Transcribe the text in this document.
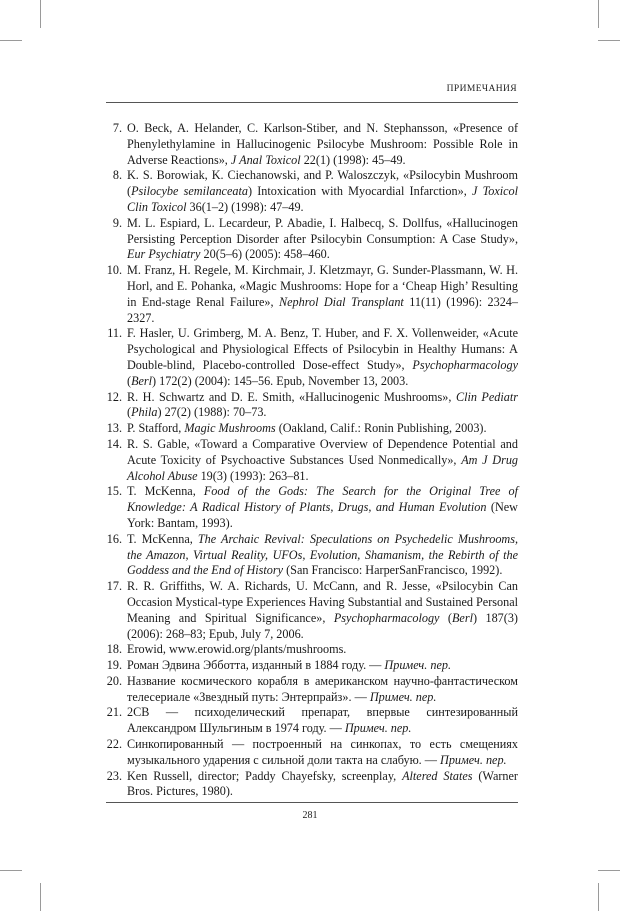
ПРИМЕЧАНИЯ
7. O. Beck, A. Helander, C. Karlson-Stiber, and N. Stephansson, «Presence of Phenylethylamine in Hallucinogenic Psilocybe Mushroom: Possible Role in Adverse Reactions», J Anal Toxicol 22(1) (1998): 45–49.
8. K. S. Borowiak, K. Ciechanowski, and P. Waloszczyk, «Psilocybin Mushroom (Psilocybe semilanceata) Intoxication with Myocardial Infarction», J Toxicol Clin Toxicol 36(1–2) (1998): 47–49.
9. M. L. Espiard, L. Lecardeur, P. Abadie, I. Halbecq, S. Dollfus, «Hallucinogen Persisting Perception Disorder after Psilocybin Consumption: A Case Study», Eur Psychiatry 20(5–6) (2005): 458–460.
10. M. Franz, H. Regele, M. Kirchmair, J. Kletzmayr, G. Sunder-Plassmann, W. H. Horl, and E. Pohanka, «Magic Mushrooms: Hope for a ‘Cheap High’ Resulting in End-stage Renal Failure», Nephrol Dial Transplant 11(11) (1996): 2324–2327.
11. F. Hasler, U. Grimberg, M. A. Benz, T. Huber, and F. X. Vollenweider, «Acute Psychological and Physiological Effects of Psilocybin in Healthy Humans: A Double-blind, Placebo-controlled Dose-effect Study», Psychopharmacology (Berl) 172(2) (2004): 145–56. Epub, November 13, 2003.
12. R. H. Schwartz and D. E. Smith, «Hallucinogenic Mushrooms», Clin Pediatr (Phila) 27(2) (1988): 70–73.
13. P. Stafford, Magic Mushrooms (Oakland, Calif.: Ronin Publishing, 2003).
14. R. S. Gable, «Toward a Comparative Overview of Dependence Potential and Acute Toxicity of Psychoactive Substances Used Nonmedically», Am J Drug Alcohol Abuse 19(3) (1993): 263–81.
15. T. McKenna, Food of the Gods: The Search for the Original Tree of Knowledge: A Radical History of Plants, Drugs, and Human Evolution (New York: Bantam, 1993).
16. T. McKenna, The Archaic Revival: Speculations on Psychedelic Mushrooms, the Amazon, Virtual Reality, UFOs, Evolution, Shamanism, the Rebirth of the Goddess and the End of History (San Francisco: HarperSanFrancisco, 1992).
17. R. R. Griffiths, W. A. Richards, U. McCann, and R. Jesse, «Psilocybin Can Occasion Mystical-type Experiences Having Substantial and Sustained Personal Meaning and Spiritual Significance», Psychopharmacology (Berl) 187(3) (2006): 268–83; Epub, July 7, 2006.
18. Erowid, www.erowid.org/plants/mushrooms.
19. Роман Эдвина Эбботта, изданный в 1884 году. — Примеч. пер.
20. Название космического корабля в американском научно-фантастическом телесериале «Звездный путь: Энтерпрайз». — Примеч. пер.
21. 2CB — психоделический препарат, впервые синтезированный Александром Шульгиным в 1974 году. — Примеч. пер.
22. Синкопированный — построенный на синкопах, то есть смещениях музыкального ударения с сильной доли такта на слабую. — Примеч. пер.
23. Ken Russell, director; Paddy Chayefsky, screenplay, Altered States (Warner Bros. Pictures, 1980).
281
